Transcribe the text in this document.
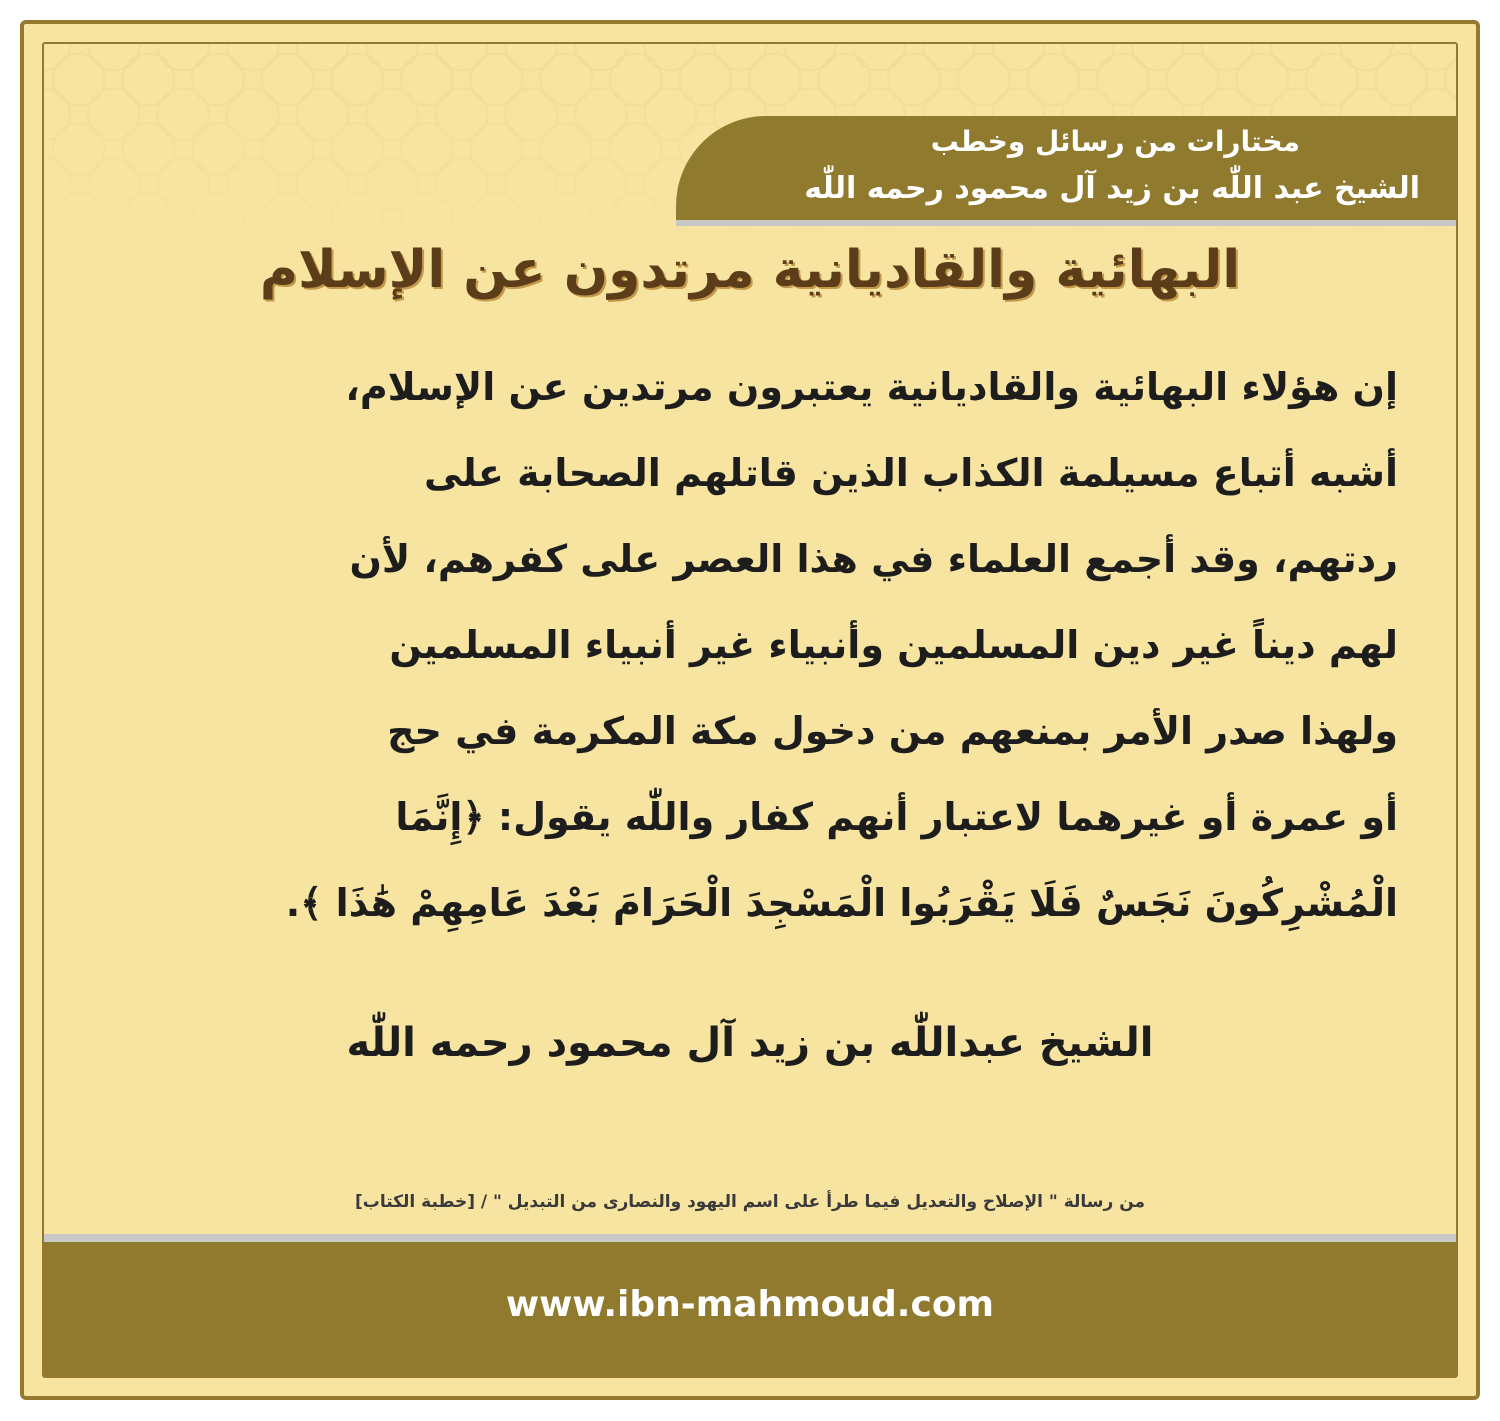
مختارات من رسائل وخطب
الشيخ عبد اللّٰه بن زيد آل محمود رحمه اللّٰه
البهائية والقاديانية مرتدون عن الإسلام
إن هؤلاء البهائية والقاديانية يعتبرون مرتدين عن الإسلام،
أشبه أتباع مسيلمة الكذاب الذين قاتلهم الصحابة على
ردتهم، وقد أجمع العلماء في هذا العصر على كفرهم، لأن
لهم ديناً غير دين المسلمين وأنبياء غير أنبياء المسلمين
ولهذا صدر الأمر بمنعهم من دخول مكة المكرمة في حج
أو عمرة أو غيرهما لاعتبار أنهم كفار واللّٰه يقول: ﴿إِنَّمَا
الْمُشْرِكُونَ نَجَسٌ فَلَا يَقْرَبُوا الْمَسْجِدَ الْحَرَامَ بَعْدَ عَامِهِمْ هَٰذَا ﴾.
الشيخ عبداللّٰه بن زيد آل محمود رحمه اللّٰه
من رسالة " الإصلاح والتعديل فيما طرأ على اسم اليهود والنصارى من التبديل " / [خطبة الكتاب]
www.ibn-mahmoud.com
